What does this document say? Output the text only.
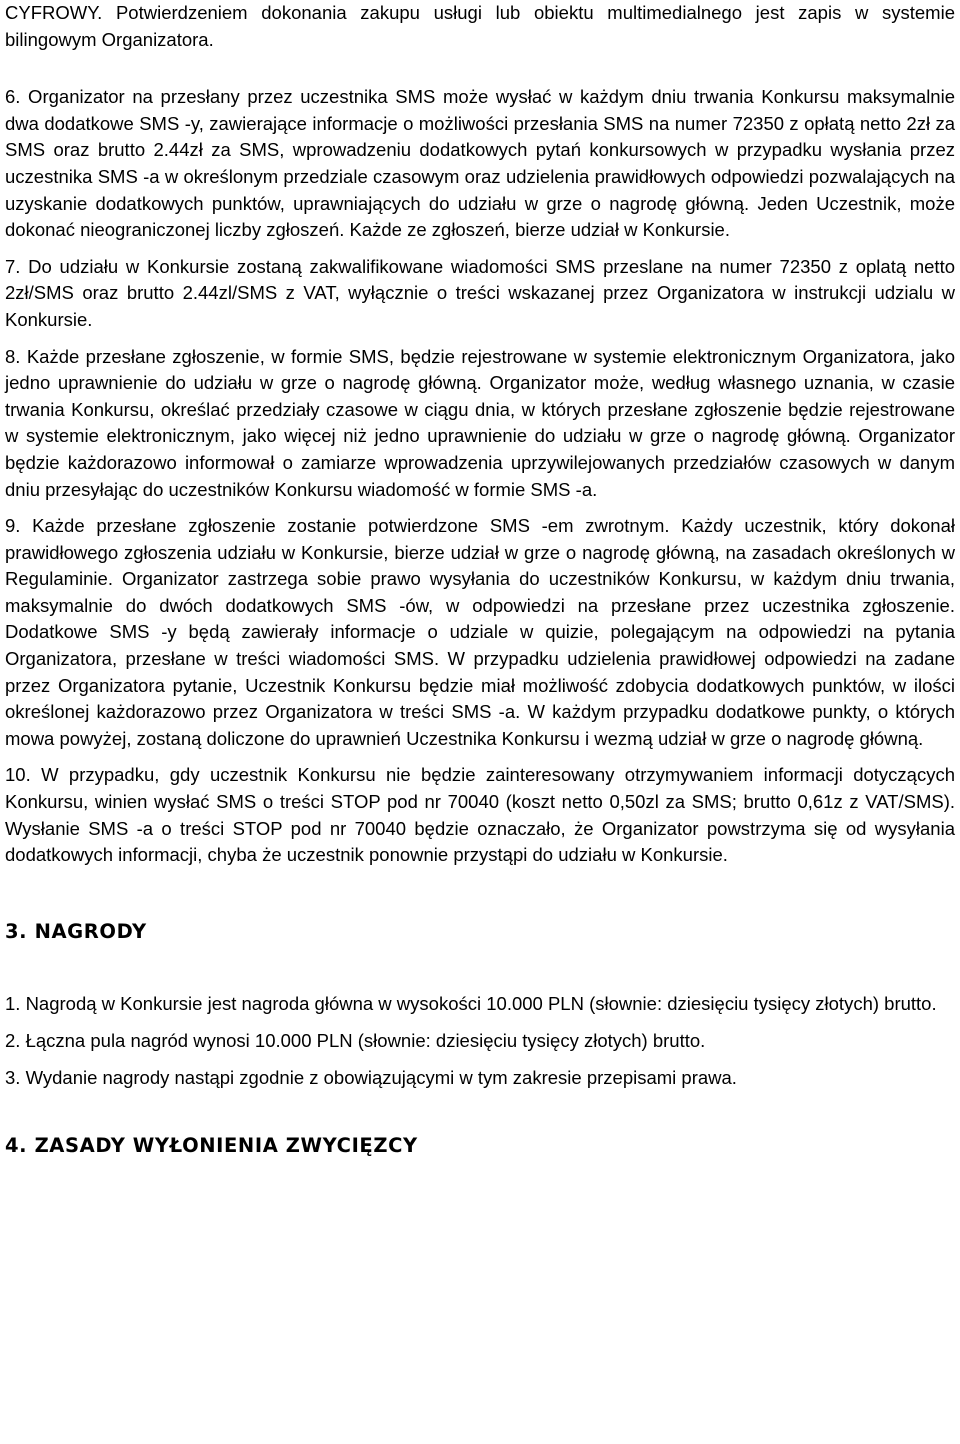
CYFROWY. Potwierdzeniem dokonania zakupu usługi lub obiektu multimedialnego jest zapis w systemie bilingowym Organizatora.

6. Organizator na przesłany przez uczestnika SMS może wysłać w każdym dniu trwania Konkursu maksymalnie dwa dodatkowe SMS -y, zawierające informacje o możliwości przesłania SMS na numer 72350 z opłatą netto 2zł za SMS oraz brutto 2.44zł za SMS, wprowadzeniu dodatkowych pytań konkursowych w przypadku wysłania przez uczestnika SMS -a w określonym przedziale czasowym oraz udzielenia prawidłowych odpowiedzi pozwalających na uzyskanie dodatkowych punktów, uprawniających do udziału w grze o nagrodę główną. Jeden Uczestnik, może dokonać nieograniczonej liczby zgłoszeń. Każde ze zgłoszeń, bierze udział w Konkursie.

7. Do udziału w Konkursie zostaną zakwalifikowane wiadomości SMS przeslane na numer 72350 z oplatą netto 2zł/SMS oraz brutto 2.44zl/SMS z VAT, wyłącznie o treści wskazanej przez Organizatora w instrukcji udzialu w Konkursie.

8. Każde przesłane zgłoszenie, w formie SMS, będzie rejestrowane w systemie elektronicznym Organizatora, jako jedno uprawnienie do udziału w grze o nagrodę główną. Organizator może, według własnego uznania, w czasie trwania Konkursu, określać przedziały czasowe w ciągu dnia, w których przesłane zgłoszenie będzie rejestrowane w systemie elektronicznym, jako więcej niż jedno uprawnienie do udziału w grze o nagrodę główną. Organizator będzie każdorazowo informował o zamiarze wprowadzenia uprzywilejowanych przedziałów czasowych w danym dniu przesyłając do uczestników Konkursu wiadomość w formie SMS -a.

9. Każde przesłane zgłoszenie zostanie potwierdzone SMS -em zwrotnym. Każdy uczestnik, który dokonał prawidłowego zgłoszenia udziału w Konkursie, bierze udział w grze o nagrodę główną, na zasadach określonych w Regulaminie. Organizator zastrzega sobie prawo wysyłania do uczestników Konkursu, w każdym dniu trwania, maksymalnie do dwóch dodatkowych SMS -ów, w odpowiedzi na przesłane przez uczestnika zgłoszenie. Dodatkowe SMS -y będą zawierały informacje o udziale w quizie, polegającym na odpowiedzi na pytania Organizatora, przesłane w treści wiadomości SMS. W przypadku udzielenia prawidłowej odpowiedzi na zadane przez Organizatora pytanie, Uczestnik Konkursu będzie miał możliwość zdobycia dodatkowych punktów, w ilości określonej każdorazowo przez Organizatora w treści SMS -a. W każdym przypadku dodatkowe punkty, o których mowa powyżej, zostaną doliczone do uprawnień Uczestnika Konkursu i wezmą udział w grze o nagrodę główną.

10. W przypadku, gdy uczestnik Konkursu nie będzie zainteresowany otrzymywaniem informacji dotyczących Konkursu, winien wysłać SMS o treści STOP pod nr 70040 (koszt netto 0,50zl za SMS; brutto 0,61z z VAT/SMS). Wysłanie SMS -a o treści STOP pod nr 70040 będzie oznaczało, że Organizator powstrzyma się od wysyłania dodatkowych informacji, chyba że uczestnik ponownie przystąpi do udziału w Konkursie.

3. NAGRODY

1. Nagrodą w Konkursie jest nagroda główna w wysokości 10.000 PLN (słownie: dziesięciu tysięcy złotych) brutto.

2. Łączna pula nagród wynosi 10.000 PLN (słownie: dziesięciu tysięcy złotych) brutto.

3. Wydanie nagrody nastąpi zgodnie z obowiązującymi w tym zakresie przepisami prawa.

4. ZASADY WYŁONIENIA ZWYCIĘZCY
